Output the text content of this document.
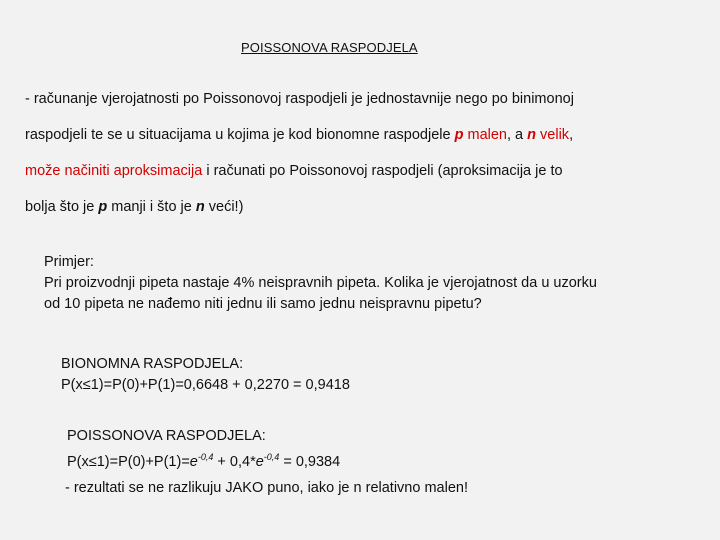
POISSONOVA RASPODJELA
- računanje vjerojatnosti po Poissonovoj raspodjeli je jednostavnije nego po binimonoj
raspodjeli te se u situacijama u kojima je kod bionomne raspodjele p malen, a n velik,
može načiniti aproksimacija i računati po Poissonovoj raspodjeli (aproksimacija je to
bolja što je p manji i što je n veći!)
Primjer:
Pri proizvodnji pipeta nastaje 4% neispravnih pipeta. Kolika je vjerojatnost da u uzorku
od 10 pipeta ne nađemo niti jednu ili samo jednu neispravnu pipetu?
BIONOMNA RASPODJELA:
P(x≤1)=P(0)+P(1)=0,6648 + 0,2270 = 0,9418
POISSONOVA RASPODJELA:
$P(x\le 1)=P(0)+P(1)=e^{-0,4} + 0,4*e^{-0,4} = 0,9384$
- rezultati se ne razlikuju JAKO puno, iako je n relativno malen!
